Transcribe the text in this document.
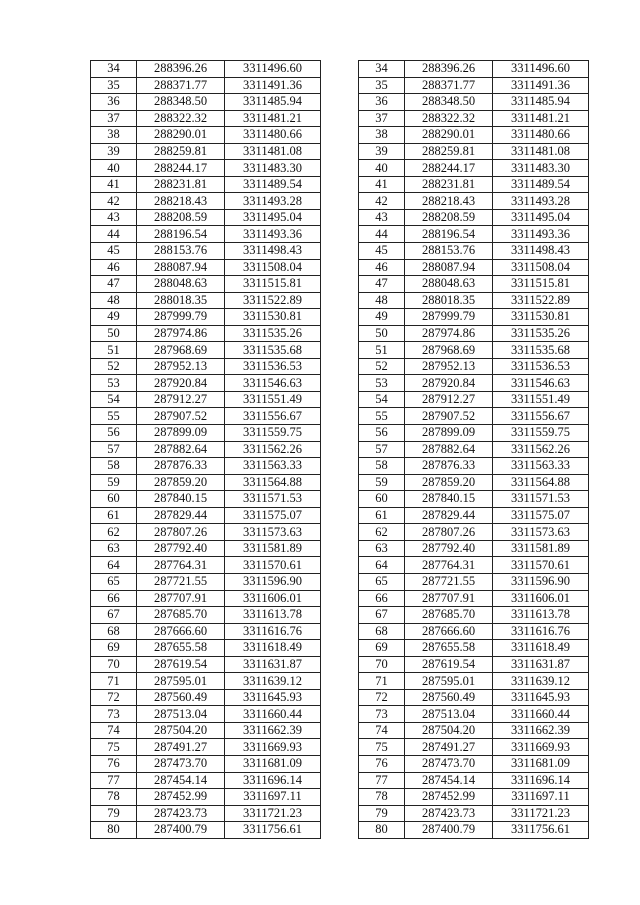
34	288396.26	3311496.60
35	288371.77	3311491.36
36	288348.50	3311485.94
37	288322.32	3311481.21
38	288290.01	3311480.66
39	288259.81	3311481.08
40	288244.17	3311483.30
41	288231.81	3311489.54
42	288218.43	3311493.28
43	288208.59	3311495.04
44	288196.54	3311493.36
45	288153.76	3311498.43
46	288087.94	3311508.04
47	288048.63	3311515.81
48	288018.35	3311522.89
49	287999.79	3311530.81
50	287974.86	3311535.26
51	287968.69	3311535.68
52	287952.13	3311536.53
53	287920.84	3311546.63
54	287912.27	3311551.49
55	287907.52	3311556.67
56	287899.09	3311559.75
57	287882.64	3311562.26
58	287876.33	3311563.33
59	287859.20	3311564.88
60	287840.15	3311571.53
61	287829.44	3311575.07
62	287807.26	3311573.63
63	287792.40	3311581.89
64	287764.31	3311570.61
65	287721.55	3311596.90
66	287707.91	3311606.01
67	287685.70	3311613.78
68	287666.60	3311616.76
69	287655.58	3311618.49
70	287619.54	3311631.87
71	287595.01	3311639.12
72	287560.49	3311645.93
73	287513.04	3311660.44
74	287504.20	3311662.39
75	287491.27	3311669.93
76	287473.70	3311681.09
77	287454.14	3311696.14
78	287452.99	3311697.11
79	287423.73	3311721.23
80	287400.79	3311756.61
34	288396.26	3311496.60
35	288371.77	3311491.36
36	288348.50	3311485.94
37	288322.32	3311481.21
38	288290.01	3311480.66
39	288259.81	3311481.08
40	288244.17	3311483.30
41	288231.81	3311489.54
42	288218.43	3311493.28
43	288208.59	3311495.04
44	288196.54	3311493.36
45	288153.76	3311498.43
46	288087.94	3311508.04
47	288048.63	3311515.81
48	288018.35	3311522.89
49	287999.79	3311530.81
50	287974.86	3311535.26
51	287968.69	3311535.68
52	287952.13	3311536.53
53	287920.84	3311546.63
54	287912.27	3311551.49
55	287907.52	3311556.67
56	287899.09	3311559.75
57	287882.64	3311562.26
58	287876.33	3311563.33
59	287859.20	3311564.88
60	287840.15	3311571.53
61	287829.44	3311575.07
62	287807.26	3311573.63
63	287792.40	3311581.89
64	287764.31	3311570.61
65	287721.55	3311596.90
66	287707.91	3311606.01
67	287685.70	3311613.78
68	287666.60	3311616.76
69	287655.58	3311618.49
70	287619.54	3311631.87
71	287595.01	3311639.12
72	287560.49	3311645.93
73	287513.04	3311660.44
74	287504.20	3311662.39
75	287491.27	3311669.93
76	287473.70	3311681.09
77	287454.14	3311696.14
78	287452.99	3311697.11
79	287423.73	3311721.23
80	287400.79	3311756.61
